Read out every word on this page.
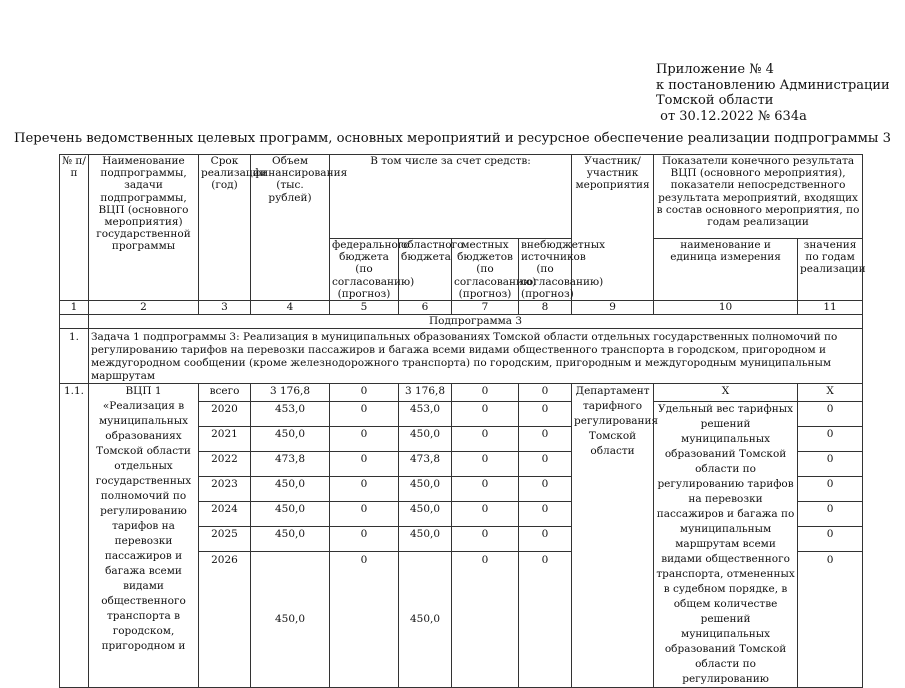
Приложение № 4
к постановлению Администрации
Томской области
от 30.12.2022 № 634а
Перечень ведомственных целевых программ, основных мероприятий и ресурсное обеспечение реализации подпрограммы 3
№ п/п	Наименование подпрограммы, задачи подпрограммы, ВЦП (основного мероприятия) государственной программы	Срок реализации (год)	Объем финансирования (тыс. рублей)	В том числе за счет средств:				Участник/ участник мероприятия	Показатели конечного результата ВЦП (основного мероприятия), показатели непосредственного результата мероприятий, входящих в состав основного мероприятия, по годам реализации	
				федерального бюджета (по согласованию) (прогноз)	областного бюджета	местных бюджетов (по согласованию) (прогноз)	внебюджетных источников (по согласованию) (прогноз)		наименование и единица измерения	значения по годам реализации
1	2	3	4	5	6	7	8	9	10	11
	Подпрограмма 3									
1.	Задача 1 подпрограммы 3: Реализация в муниципальных образованиях Томской области отдельных государственных полномочий по регулированию тарифов на перевозки пассажиров и багажа всеми видами общественного транспорта в городском, пригородном и междугородном сообщении (кроме железнодорожного транспорта) по городским, пригородным и междугородным муниципальным маршрутам									
1.1.	ВЦП 1 «Реализация в муниципальных образованиях Томской области отдельных государственных полномочий по регулированию тарифов на перевозки пассажиров и багажа всеми видами общественного транспорта в городском, пригородном и	всего	3 176,8	0	3 176,8	0	0	Департамент тарифного регулирования Томской области	Х	Х
		2020	453,0	0	453,0	0	0		Удельный вес тарифных решений муниципальных образований Томской области по регулированию тарифов на перевозки пассажиров и багажа по муниципальным маршрутам всеми видами общественного транспорта, отмененных в судебном порядке, в общем количестве решений муниципальных образований Томской области по регулированию	0
		2021	450,0	0	450,0	0	0			0
		2022	473,8	0	473,8	0	0			0
		2023	450,0	0	450,0	0	0			0
		2024	450,0	0	450,0	0	0			0
		2025	450,0	0	450,0	0	0			0
		2026	450,0	0	450,0	0	0			0
